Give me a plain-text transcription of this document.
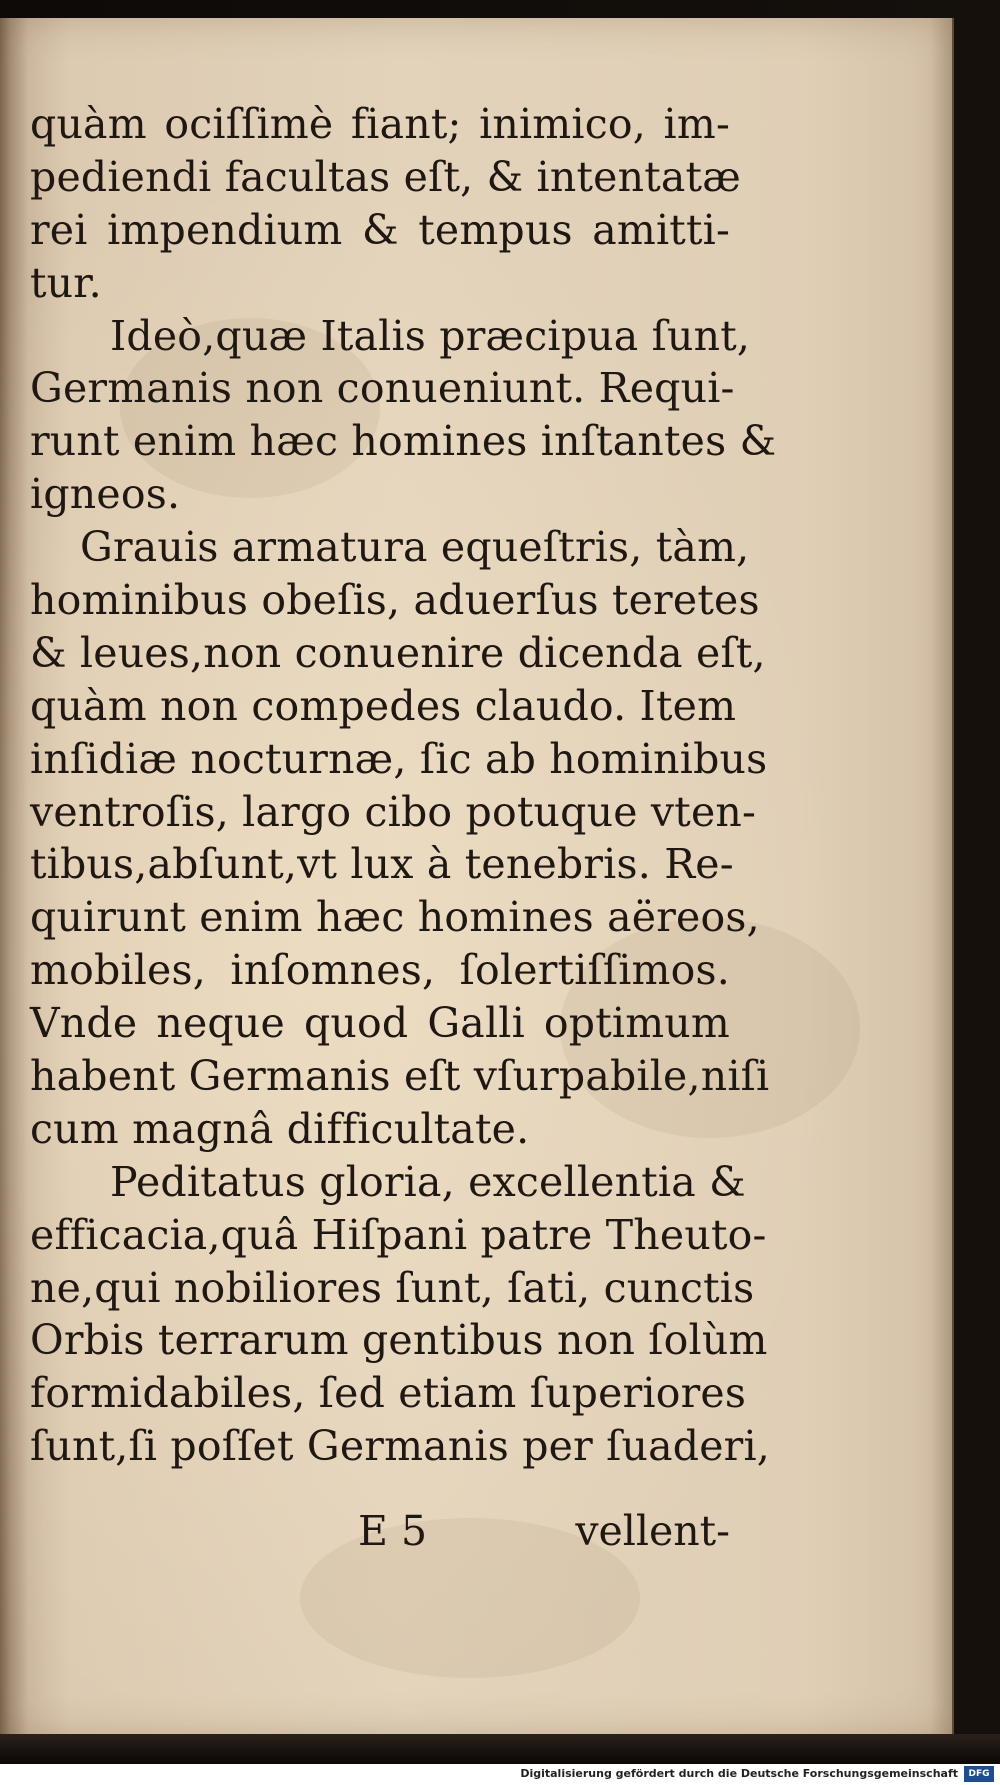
quàm ociſſimè fiant; inimico, im-
pediendi facultas eſt, & intentatæ
rei impendium & tempus amitti-
tur.
Ideò,quæ Italis præcipua ſunt,
Germanis non conueniunt. Requi-
runt enim hæc homines inſtantes &
igneos.
Grauis armatura equeſtris, tàm,
hominibus obeſis, aduerſus teretes
& leues,non conuenire dicenda eſt,
quàm non compedes claudo. Item
inſidiæ nocturnæ, ſic ab hominibus
ventroſis, largo cibo potuque vten-
tibus,abſunt,vt lux à tenebris. Re-
quirunt enim hæc homines aëreos,
mobiles, inſomnes, ſolertiſſimos.
Vnde neque quod Galli optimum
habent Germanis eſt vſurpabile,niſi
cum magnâ difficultate.
Peditatus gloria, excellentia &
efficacia,quâ Hiſpani patre Theuto-
ne,qui nobiliores ſunt, ſati, cunctis
Orbis terrarum gentibus non ſolùm
formidabiles, ſed etiam ſuperiores
ſunt,ſi poſſet Germanis per ſuaderi,
E 5	vellent-
Digitalisierung gefördert durch die Deutsche Forschungsgemeinschaft	DFG
